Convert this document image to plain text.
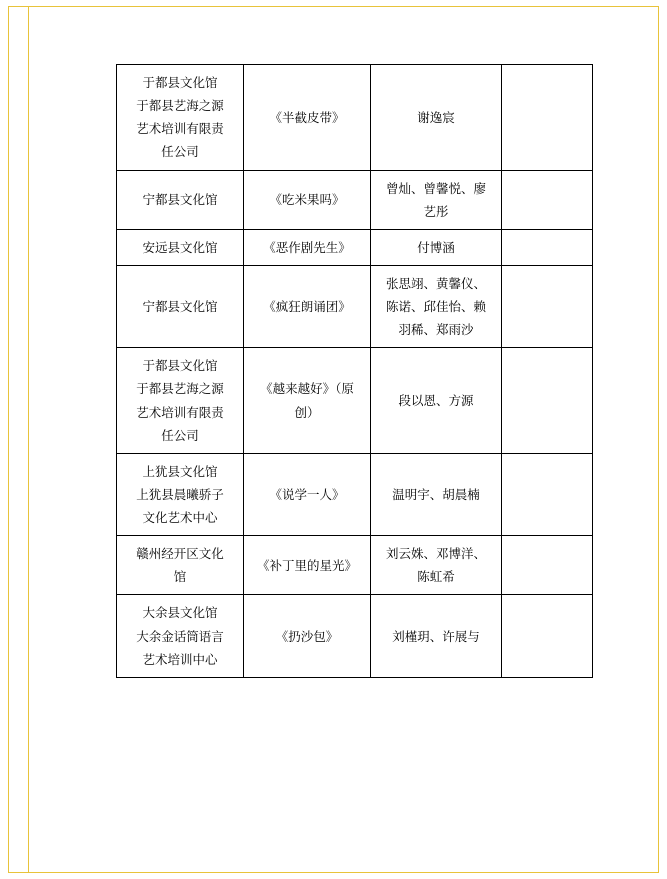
于都县文化馆
于都县艺海之源
艺术培训有限责
任公司	《半截皮带》	谢逸宸	

宁都县文化馆	《吃米果吗》	曾灿、曾馨悦、廖
艺彤	

安远县文化馆	《恶作剧先生》	付博涵	

宁都县文化馆	《疯狂朗诵团》	张思翊、黄馨仪、
陈诺、邱佳怡、赖
羽稀、郑雨沙	

于都县文化馆
于都县艺海之源
艺术培训有限责
任公司	《越来越好》（原
创）	段以恩、方源	

上犹县文化馆
上犹县晨曦骄子
文化艺术中心	《说学一人》	温明宇、胡晨楠	

赣州经开区文化
馆	《补丁里的星光》	刘云姝、邓博洋、
陈虹希	

大余县文化馆
大余金话筒语言
艺术培训中心	《扔沙包》	刘槿玥、许展与	
